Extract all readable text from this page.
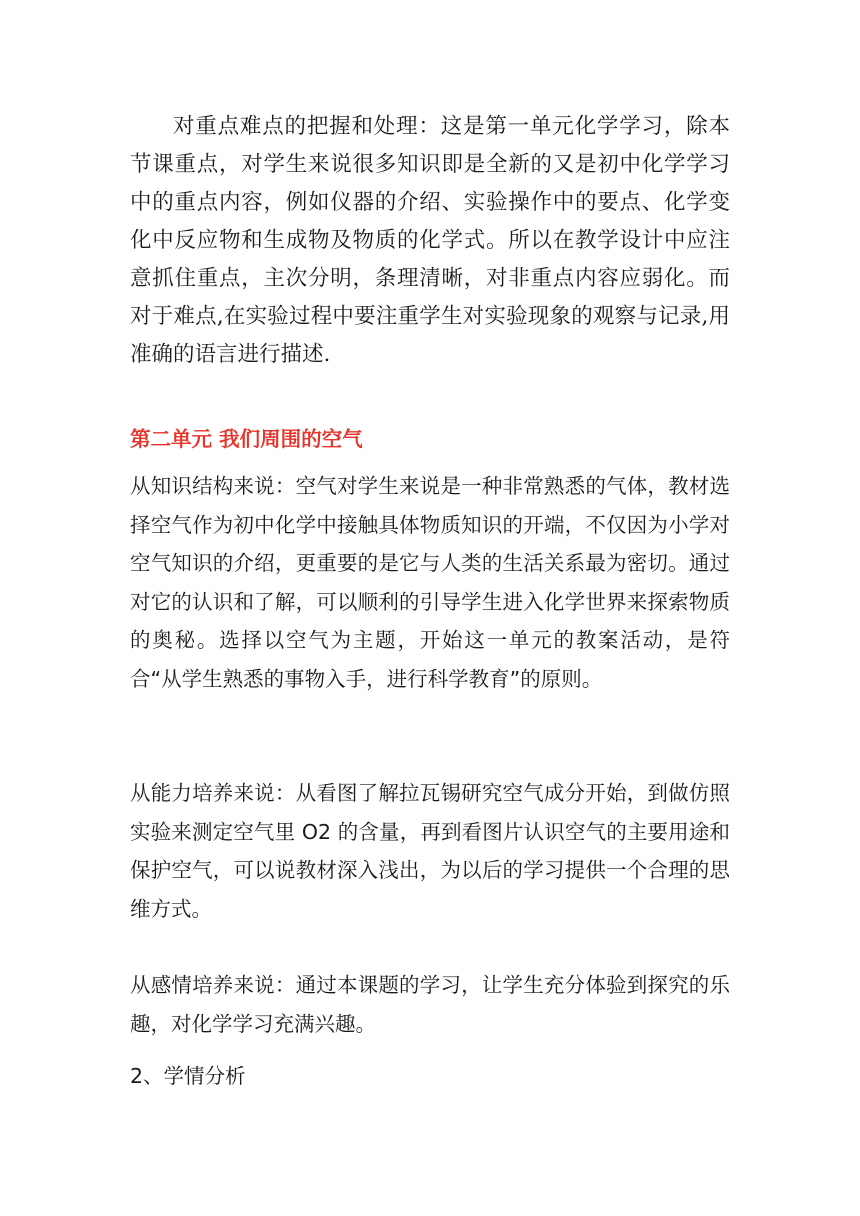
对重点难点的把握和处理：这是第一单元化学学习，除本节课重点，对学生来说很多知识即是全新的又是初中化学学习中的重点内容，例如仪器的介绍、实验操作中的要点、化学变化中反应物和生成物及物质的化学式。所以在教学设计中应注意抓住重点，主次分明，条理清晰，对非重点内容应弱化。而对于难点,在实验过程中要注重学生对实验现象的观察与记录,用准确的语言进行描述.

第二单元 我们周围的空气

从知识结构来说：空气对学生来说是一种非常熟悉的气体，教材选择空气作为初中化学中接触具体物质知识的开端，不仅因为小学对空气知识的介绍，更重要的是它与人类的生活关系最为密切。通过对它的认识和了解，可以顺利的引导学生进入化学世界来探索物质的奥秘。选择以空气为主题，开始这一单元的教案活动，是符合“从学生熟悉的事物入手，进行科学教育”的原则。

从能力培养来说：从看图了解拉瓦锡研究空气成分开始，到做仿照实验来测定空气里 O2 的含量，再到看图片认识空气的主要用途和保护空气，可以说教材深入浅出，为以后的学习提供一个合理的思维方式。

从感情培养来说：通过本课题的学习，让学生充分体验到探究的乐趣，对化学学习充满兴趣。

2、学情分析
